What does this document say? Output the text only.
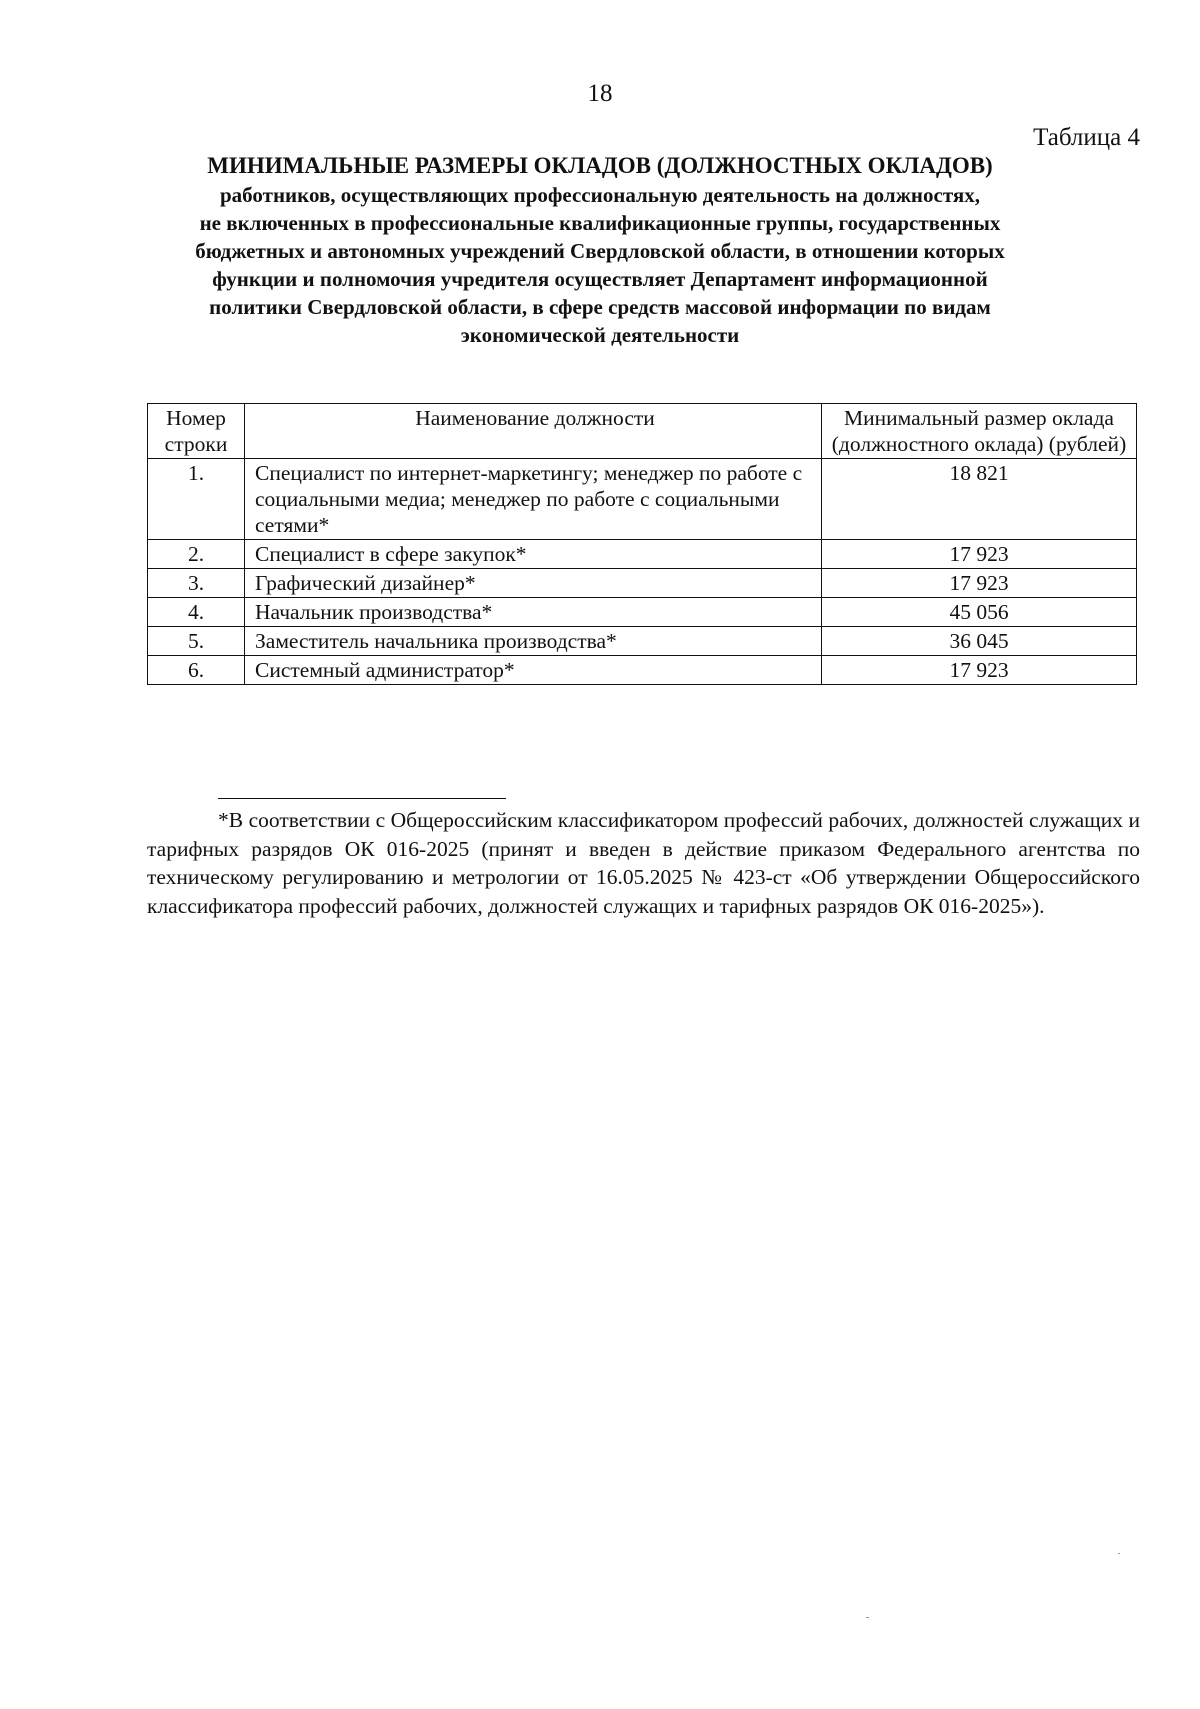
18
Таблица 4
МИНИМАЛЬНЫЕ РАЗМЕРЫ ОКЛАДОВ (ДОЛЖНОСТНЫХ ОКЛАДОВ)
работников, осуществляющих профессиональную деятельность на должностях,
не включенных в профессиональные квалификационные группы, государственных
бюджетных и автономных учреждений Свердловской области, в отношении которых
функции и полномочия учредителя осуществляет Департамент информационной
политики Свердловской области, в сфере средств массовой информации по видам
экономической деятельности
Номер строки	Наименование должности	Минимальный размер оклада (должностного оклада) (рублей)
1.	Специалист по интернет-маркетингу; менеджер по работе с социальными медиа; менеджер по работе с социальными сетями*	18 821
2.	Специалист в сфере закупок*	17 923
3.	Графический дизайнер*	17 923
4.	Начальник производства*	45 056
5.	Заместитель начальника производства*	36 045
6.	Системный администратор*	17 923
*В соответствии с Общероссийским классификатором профессий рабочих, должностей служащих и тарифных разрядов ОК 016-2025 (принят и введен в действие приказом Федерального агентства по техническому регулированию и метрологии от 16.05.2025 № 423-ст «Об утверждении Общероссийского классификатора профессий рабочих, должностей служащих и тарифных разрядов ОК 016-2025»).
